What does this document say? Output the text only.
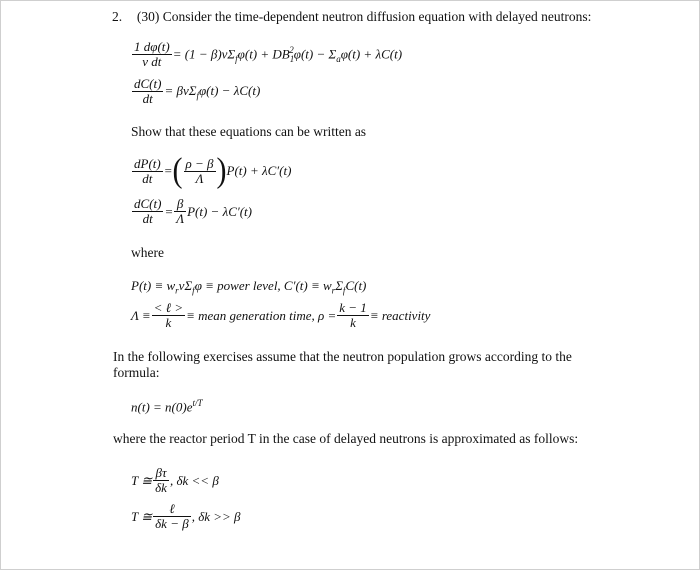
2. (30) Consider the time-dependent neutron diffusion equation with delayed neutrons:
$\frac{1 d\varphi(t)}{\text{v dt}} = (1 - \beta)\nu\Sigma_f\varphi(t) + DB_1^2\varphi(t) - \Sigma_a\varphi(t) + \lambda C(t)$
$\frac{dC(t)}{dt} = \beta\nu\Sigma_f\varphi(t) - \lambda C(t)$
Show that these equations can be written as
$\frac{dP(t)}{dt}$ = ( $\frac{\rho - \beta}{\Lambda}$ ) P(t) + λC′(t)
$\frac{dC(t)}{dt} = \frac{\beta}{\Lambda} P(t) - \lambda C'(t)$
where
$P(t) \equiv w_r\nu\Sigma_f\varphi$ ≡ power level, $C'(t) \equiv w_r\Sigma_fC(t)$
$\Lambda \equiv \frac{\text{< ℓ >}}{k}$ ≡ mean generation time, $\rho = \frac{k - 1}{k}$ ≡ reactivity
In the following exercises assume that the neutron population grows according to the
formula:
$n(t) = n(0)e^{t/T}$
where the reactor period T in the case of delayed neutrons is approximated as follows:
T ≅ $\frac{\beta\tau}{\delta k}$ , δk << β
T ≅ $\frac{\text{ℓ}}{\delta k - \beta}$ , δk >> β
